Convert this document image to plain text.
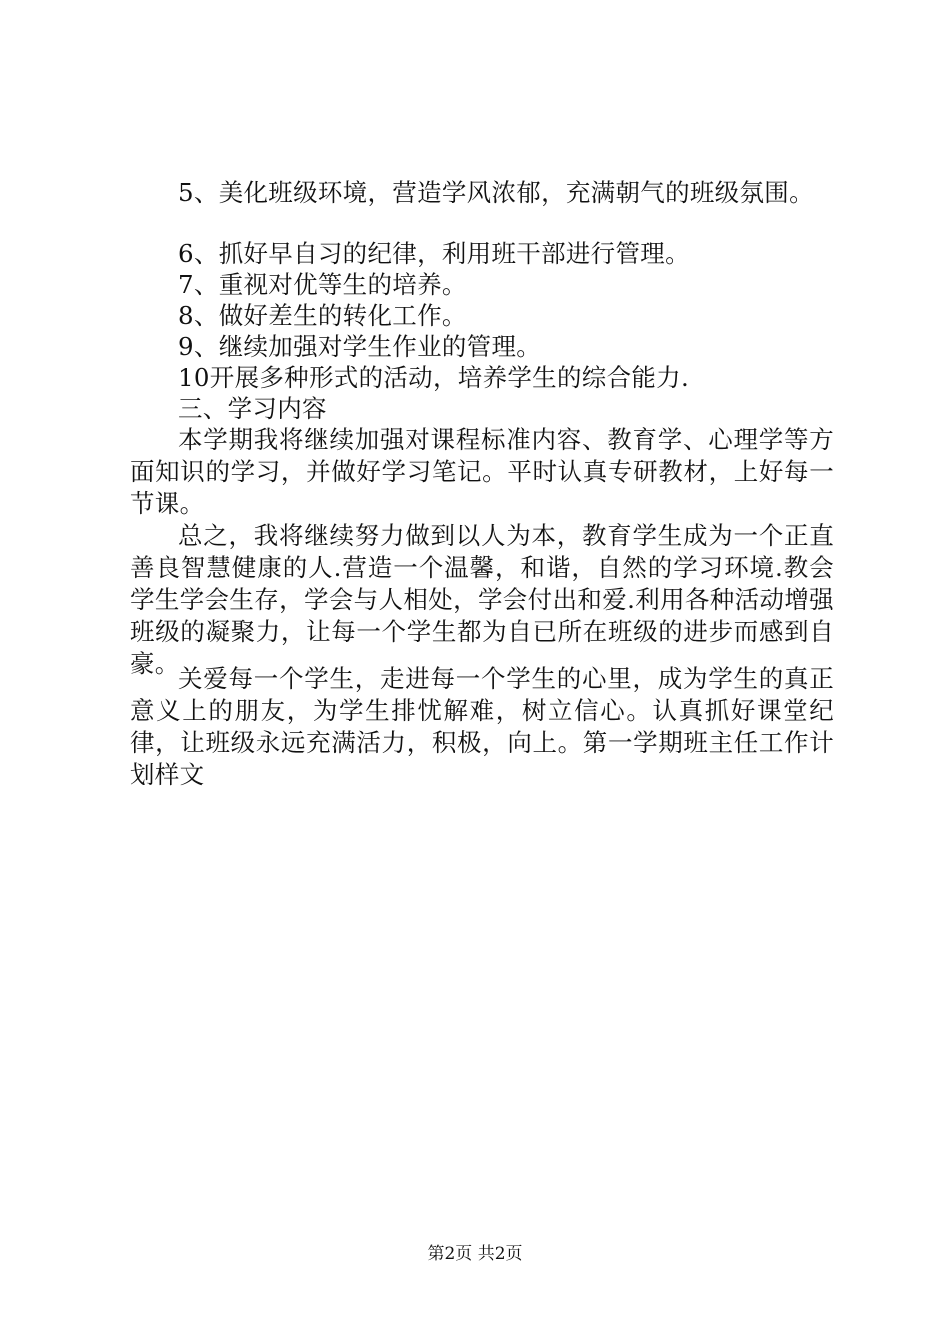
5、美化班级环境，营造学风浓郁，充满朝气的班级氛围。
6、抓好早自习的纪律，利用班干部进行管理。
7、重视对优等生的培养。
8、做好差生的转化工作。
9、继续加强对学生作业的管理。
10开展多种形式的活动，培养学生的综合能力.
三、学习内容
本学期我将继续加强对课程标准内容、教育学、心理学等方面知识的学习，并做好学习笔记。平时认真专研教材，上好每一节课。
总之，我将继续努力做到以人为本，教育学生成为一个正直善良智慧健康的人.营造一个温馨，和谐，自然的学习环境.教会学生学会生存，学会与人相处，学会付出和爱.利用各种活动增强班级的凝聚力，让每一个学生都为自已所在班级的进步而感到自豪。
关爱每一个学生，走进每一个学生的心里，成为学生的真正意义上的朋友，为学生排忧解难，树立信心。认真抓好课堂纪律，让班级永远充满活力，积极，向上。第一学期班主任工作计划样文
第2页 共2页
